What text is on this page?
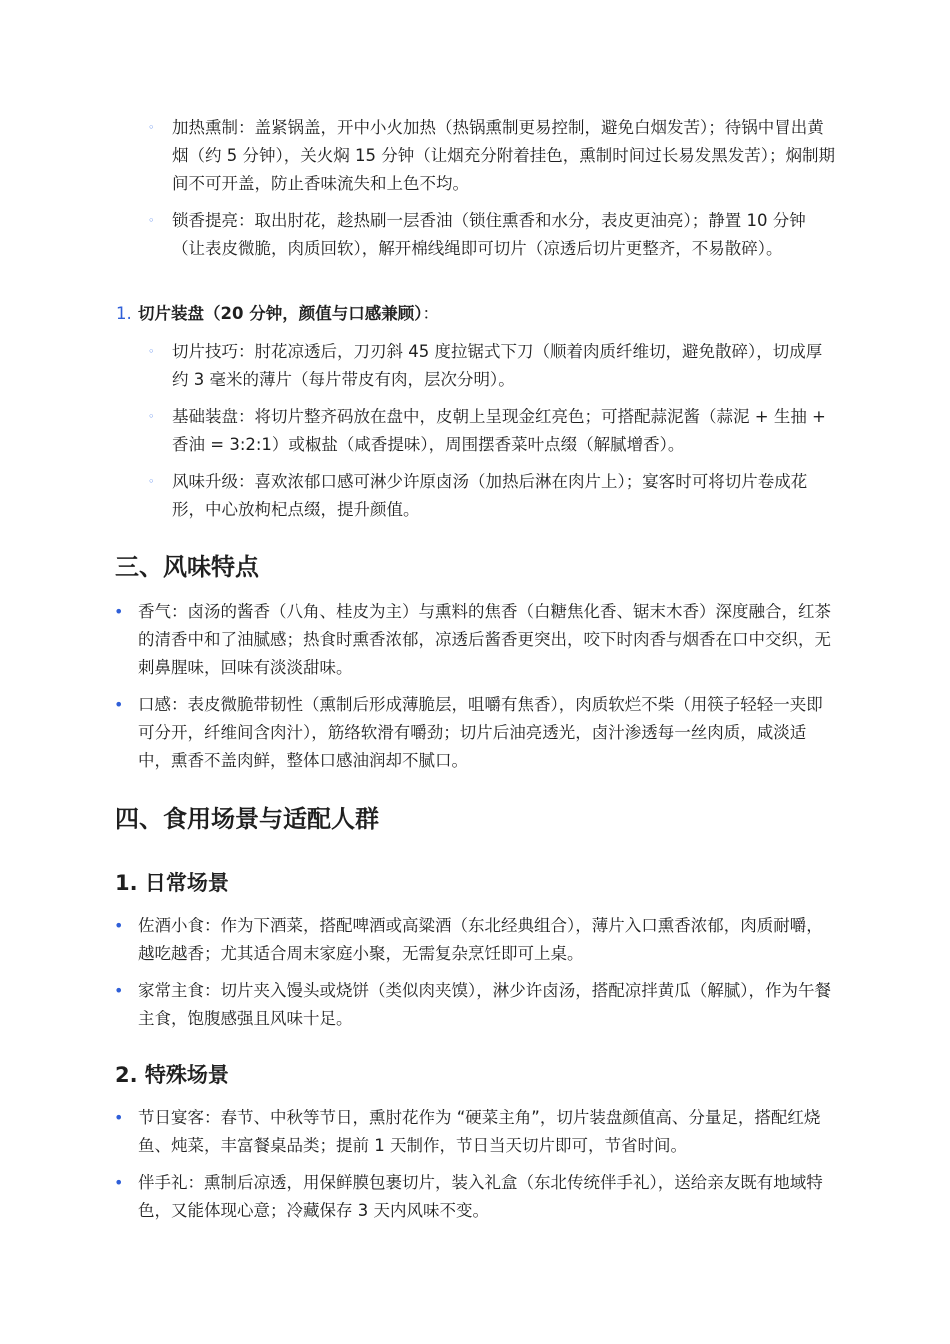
◦ 加热熏制：盖紧锅盖，开中小火加热（热锅熏制更易控制，避免白烟发苦）；待锅中冒出黄烟（约 5 分钟），关火焖 15 分钟（让烟充分附着挂色，熏制时间过长易发黑发苦）；焖制期间不可开盖，防止香味流失和上色不均。
◦ 锁香提亮：取出肘花，趁热刷一层香油（锁住熏香和水分，表皮更油亮）；静置 10 分钟（让表皮微脆，肉质回软），解开棉线绳即可切片（凉透后切片更整齐，不易散碎）。
1. 切片装盘（20 分钟，颜值与口感兼顾）：
◦ 切片技巧：肘花凉透后，刀刃斜 45 度拉锯式下刀（顺着肉质纤维切，避免散碎），切成厚约 3 毫米的薄片（每片带皮有肉，层次分明）。
◦ 基础装盘：将切片整齐码放在盘中，皮朝上呈现金红亮色；可搭配蒜泥酱（蒜泥 + 生抽 + 香油 = 3:2:1）或椒盐（咸香提味），周围摆香菜叶点缀（解腻增香）。
◦ 风味升级：喜欢浓郁口感可淋少许原卤汤（加热后淋在肉片上）；宴客时可将切片卷成花形，中心放枸杞点缀，提升颜值。
三、风味特点
• 香气：卤汤的酱香（八角、桂皮为主）与熏料的焦香（白糖焦化香、锯末木香）深度融合，红茶的清香中和了油腻感；热食时熏香浓郁，凉透后酱香更突出，咬下时肉香与烟香在口中交织，无刺鼻腥味，回味有淡淡甜味。
• 口感：表皮微脆带韧性（熏制后形成薄脆层，咀嚼有焦香），肉质软烂不柴（用筷子轻轻一夹即可分开，纤维间含肉汁），筋络软滑有嚼劲；切片后油亮透光，卤汁渗透每一丝肉质，咸淡适中，熏香不盖肉鲜，整体口感油润却不腻口。
四、食用场景与适配人群
1. 日常场景
• 佐酒小食：作为下酒菜，搭配啤酒或高粱酒（东北经典组合），薄片入口熏香浓郁，肉质耐嚼，越吃越香；尤其适合周末家庭小聚，无需复杂烹饪即可上桌。
• 家常主食：切片夹入馒头或烧饼（类似肉夹馍），淋少许卤汤，搭配凉拌黄瓜（解腻），作为午餐主食，饱腹感强且风味十足。
2. 特殊场景
• 节日宴客：春节、中秋等节日，熏肘花作为 “硬菜主角”，切片装盘颜值高、分量足，搭配红烧鱼、炖菜，丰富餐桌品类；提前 1 天制作，节日当天切片即可，节省时间。
• 伴手礼：熏制后凉透，用保鲜膜包裹切片，装入礼盒（东北传统伴手礼），送给亲友既有地域特色，又能体现心意；冷藏保存 3 天内风味不变。
